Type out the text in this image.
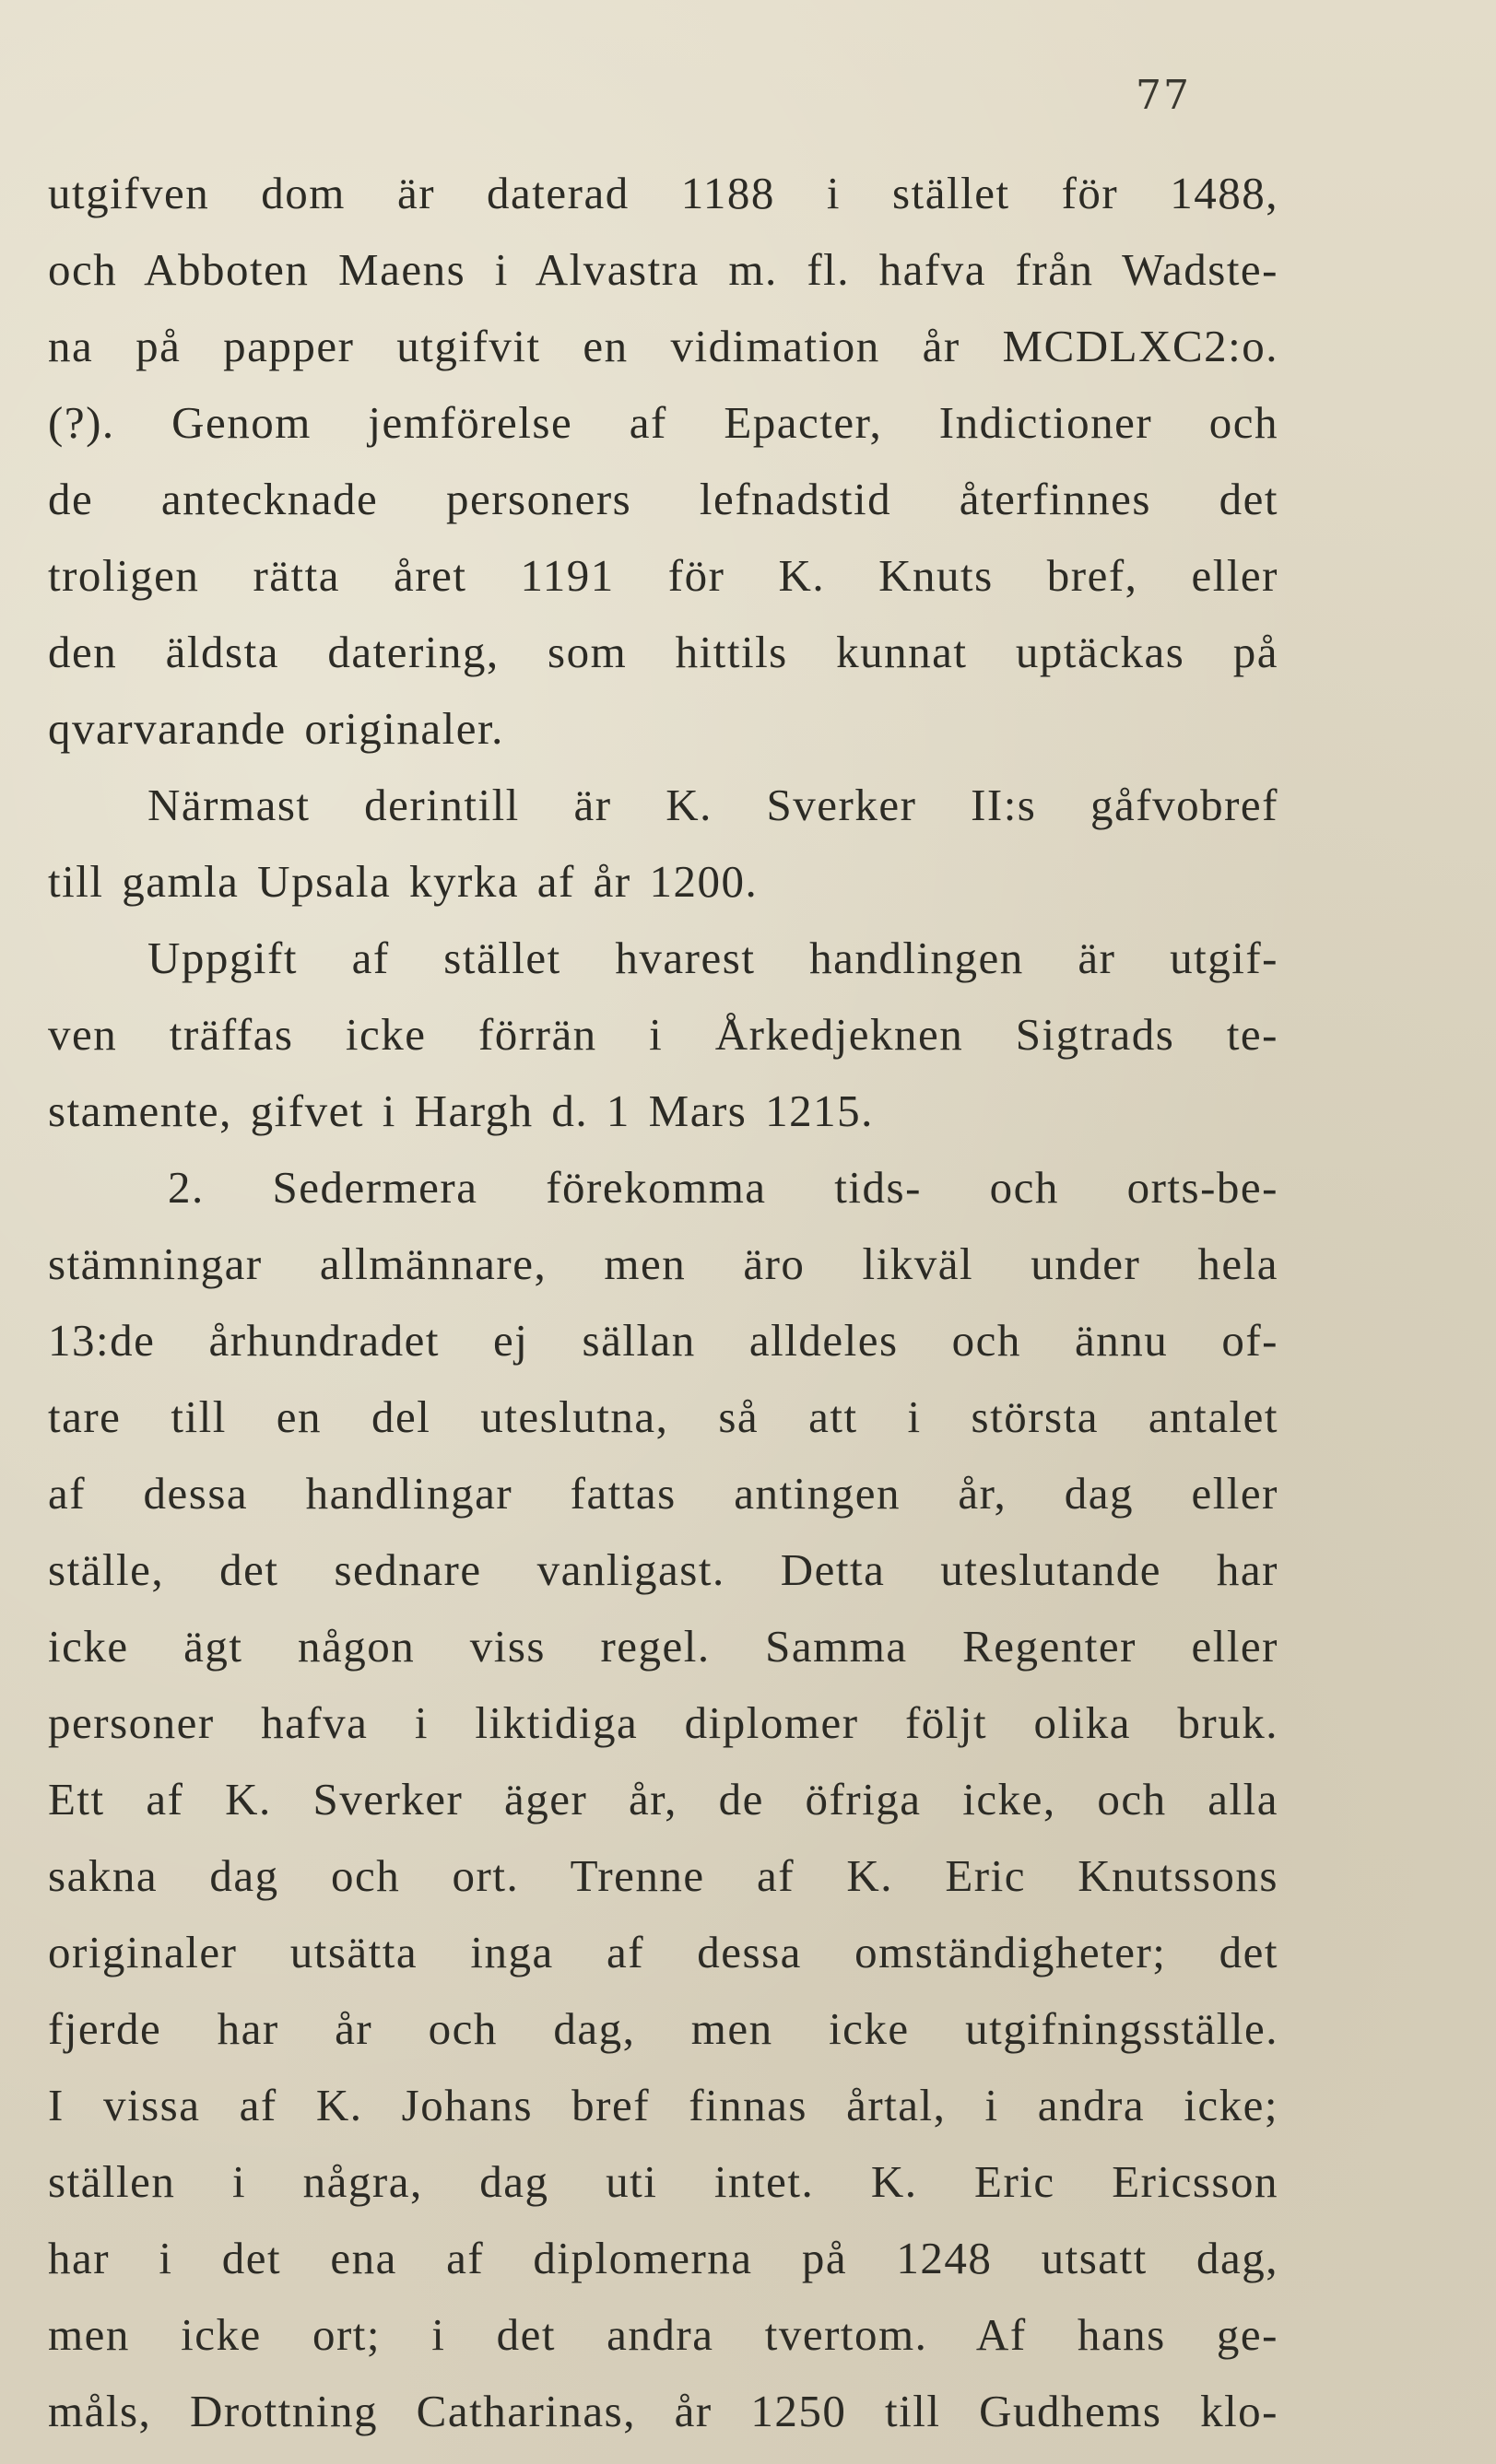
77
utgifven dom är daterad 1188 i stället för 1488,
och Abboten Maens i Alvastra m. fl. hafva från Wadste-
na på papper utgifvit en vidimation år MCDLXC2:o.
(?). Genom jemförelse af Epacter, Indictioner och
de antecknade personers lefnadstid återfinnes det
troligen rätta året 1191 för K. Knuts bref, eller
den äldsta datering, som hittils kunnat uptäckas på
qvarvarande originaler.
Närmast derintill är K. Sverker II:s gåfvobref
till gamla Upsala kyrka af år 1200.
Uppgift af stället hvarest handlingen är utgif-
ven träffas icke förrän i Årkedjeknen Sigtrads te-
stamente, gifvet i Hargh d. 1 Mars 1215.
2. Sedermera förekomma tids- och orts-be-
stämningar allmännare, men äro likväl under hela
13:de århundradet ej sällan alldeles och ännu of-
tare till en del uteslutna, så att i största antalet
af dessa handlingar fattas antingen år, dag eller
ställe, det sednare vanligast. Detta uteslutande har
icke ägt någon viss regel. Samma Regenter eller
personer hafva i liktidiga diplomer följt olika bruk.
Ett af K. Sverker äger år, de öfriga icke, och alla
sakna dag och ort. Trenne af K. Eric Knutssons
originaler utsätta inga af dessa omständigheter; det
fjerde har år och dag, men icke utgifningsställe.
I vissa af K. Johans bref finnas årtal, i andra icke;
ställen i några, dag uti intet. K. Eric Ericsson
har i det ena af diplomerna på 1248 utsatt dag,
men icke ort; i det andra tvertom. Af hans ge-
måls, Drottning Catharinas, år 1250 till Gudhems klo-
